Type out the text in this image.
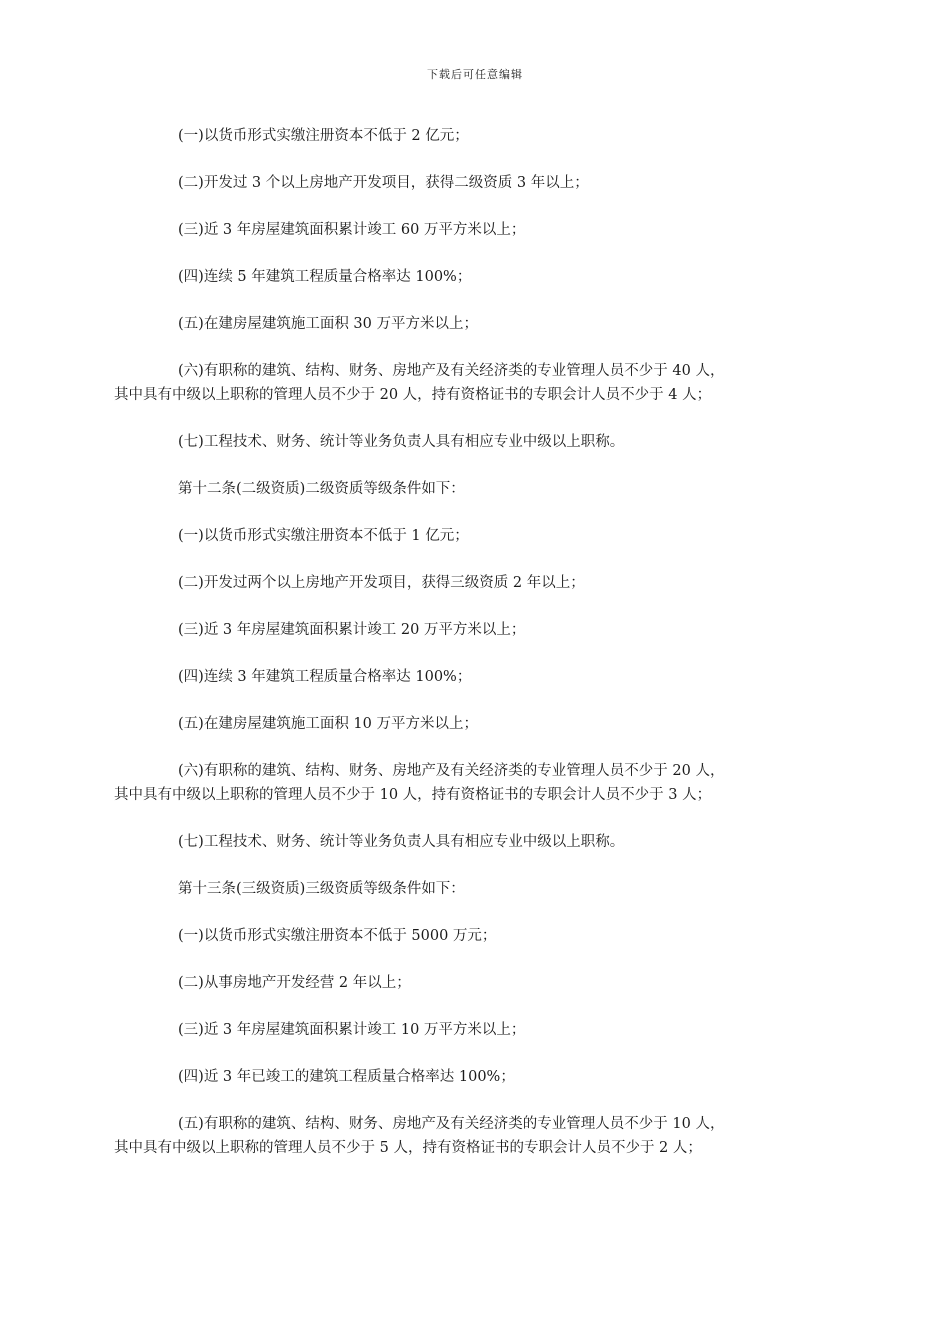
下载后可任意编辑

(一)以货币形式实缴注册资本不低于 2 亿元；

(二)开发过 3 个以上房地产开发项目，获得二级资质 3 年以上；

(三)近 3 年房屋建筑面积累计竣工 60 万平方米以上；

(四)连续 5 年建筑工程质量合格率达 100%；

(五)在建房屋建筑施工面积 30 万平方米以上；

(六)有职称的建筑、结构、财务、房地产及有关经济类的专业管理人员不少于 40 人，
其中具有中级以上职称的管理人员不少于 20 人，持有资格证书的专职会计人员不少于 4 人；

(七)工程技术、财务、统计等业务负责人具有相应专业中级以上职称。

第十二条(二级资质)二级资质等级条件如下：

(一)以货币形式实缴注册资本不低于 1 亿元；

(二)开发过两个以上房地产开发项目，获得三级资质 2 年以上；

(三)近 3 年房屋建筑面积累计竣工 20 万平方米以上；

(四)连续 3 年建筑工程质量合格率达 100%；

(五)在建房屋建筑施工面积 10 万平方米以上；

(六)有职称的建筑、结构、财务、房地产及有关经济类的专业管理人员不少于 20 人，
其中具有中级以上职称的管理人员不少于 10 人，持有资格证书的专职会计人员不少于 3 人；

(七)工程技术、财务、统计等业务负责人具有相应专业中级以上职称。

第十三条(三级资质)三级资质等级条件如下：

(一)以货币形式实缴注册资本不低于 5000 万元；

(二)从事房地产开发经营 2 年以上；

(三)近 3 年房屋建筑面积累计竣工 10 万平方米以上；

(四)近 3 年已竣工的建筑工程质量合格率达 100%；

(五)有职称的建筑、结构、财务、房地产及有关经济类的专业管理人员不少于 10 人，
其中具有中级以上职称的管理人员不少于 5 人，持有资格证书的专职会计人员不少于 2 人；
